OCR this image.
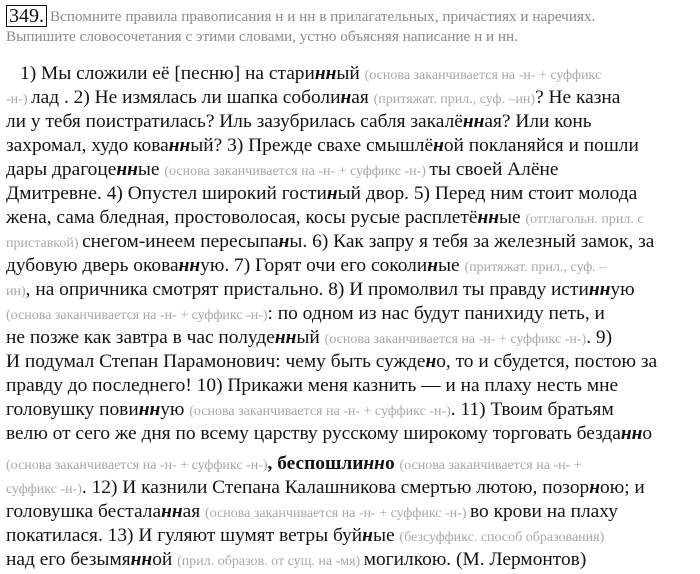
349. Вспомните правила правописания н и нн в прилагательных, причастиях и наречиях.
Выпишите словосочетания с этими словами, устно объясняя написание н и нн.
1) Мы сложили её [песню] на старинный (основа заканчивается на -н- + суффикс
-н-) лад . 2) Не измялась ли шапка соболиная (притяжат. прил., суф. –ин)? Не казна
ли у тебя поистратилась? Иль зазубрилась сабля закалённая? Или конь
захромал, худо кованный? 3) Прежде свахе смышлёной покланяйся и пошли
дары драгоценные (основа заканчивается на -н- + суффикс -н-) ты своей Алёне
Дмитревне. 4) Опустел широкий гостиный двор. 5) Перед ним стоит молода
жена, сама бледная, простоволосая, косы русые расплетённые (отглагольн. прил. с
приставкой) снегом-инеем пересыпаны. 6) Как запру я тебя за железный замок, за
дубовую дверь окованную. 7) Горят очи его соколиные (притяжат. прил., суф. –
ин), на опричника смотрят пристально. 8) И промолвил ты правду истинную
(основа заканчивается на -н- + суффикс -н-): по одном из нас будут панихиду петь, и
не позже как завтра в час полуденный (основа заканчивается на -н- + суффикс -н-). 9)
И подумал Степан Парамонович: чему быть суждено, то и сбудется, постою за
правду до последнего! 10) Прикажи меня казнить — и на плаху несть мне
головушку повинную (основа заканчивается на -н- + суффикс -н-). 11) Твоим братьям
велю от сего же дня по всему царству русскому широкому торговать безданно
(основа заканчивается на -н- + суффикс -н-), беспошлинно (основа заканчивается на -н- +
суффикс -н-). 12) И казнили Степана Калашникова смертью лютою, позорною; и
головушка бесталанная (основа заканчивается на -н- + суффикс -н-) во крови на плаху
покатилася. 13) И гуляют шумят ветры буйные (безсуффикс. способ образования)
над его безымянной (прил. образов. от сущ. на -мя) могилкою. (М. Лермонтов)
